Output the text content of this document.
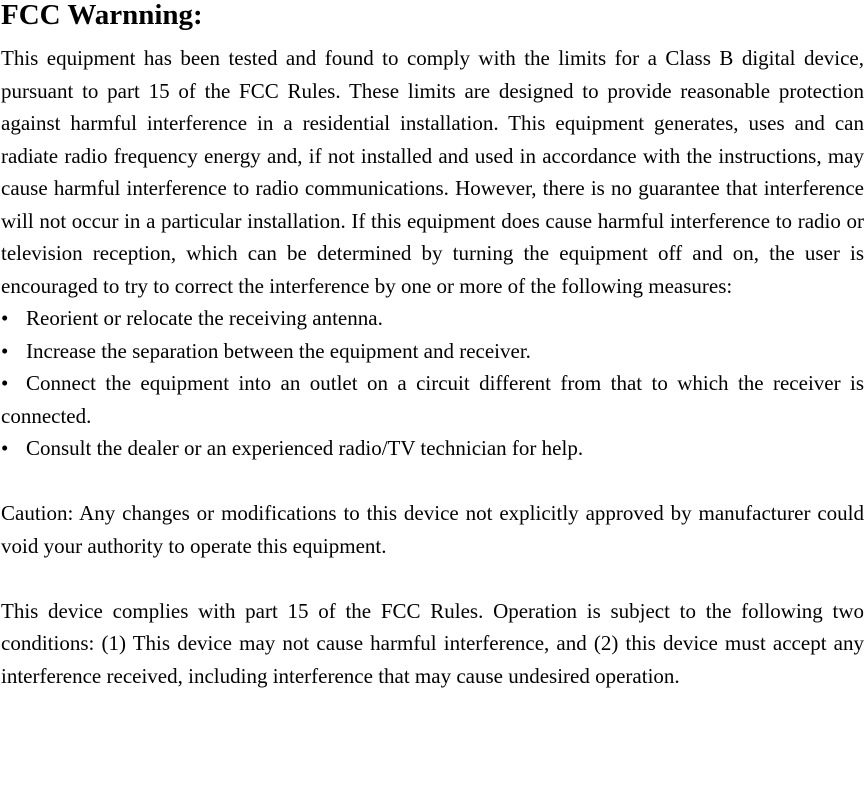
FCC Warnning:

This equipment has been tested and found to comply with the limits for a Class B digital device, pursuant to part 15 of the FCC Rules. These limits are designed to provide reasonable protection against harmful interference in a residential installation. This equipment generates, uses and can radiate radio frequency energy and, if not installed and used in accordance with the instructions, may cause harmful interference to radio communications. However, there is no guarantee that interference will not occur in a particular installation. If this equipment does cause harmful interference to radio or television reception, which can be determined by turning the equipment off and on, the user is encouraged to try to correct the interference by one or more of the following measures:

• Reorient or relocate the receiving antenna.

• Increase the separation between the equipment and receiver.

• Connect the equipment into an outlet on a circuit different from that to which the receiver is connected.

• Consult the dealer or an experienced radio/TV technician for help.

Caution: Any changes or modifications to this device not explicitly approved by manufacturer could void your authority to operate this equipment.

This device complies with part 15 of the FCC Rules. Operation is subject to the following two conditions: (1) This device may not cause harmful interference, and (2) this device must accept any interference received, including interference that may cause undesired operation.
